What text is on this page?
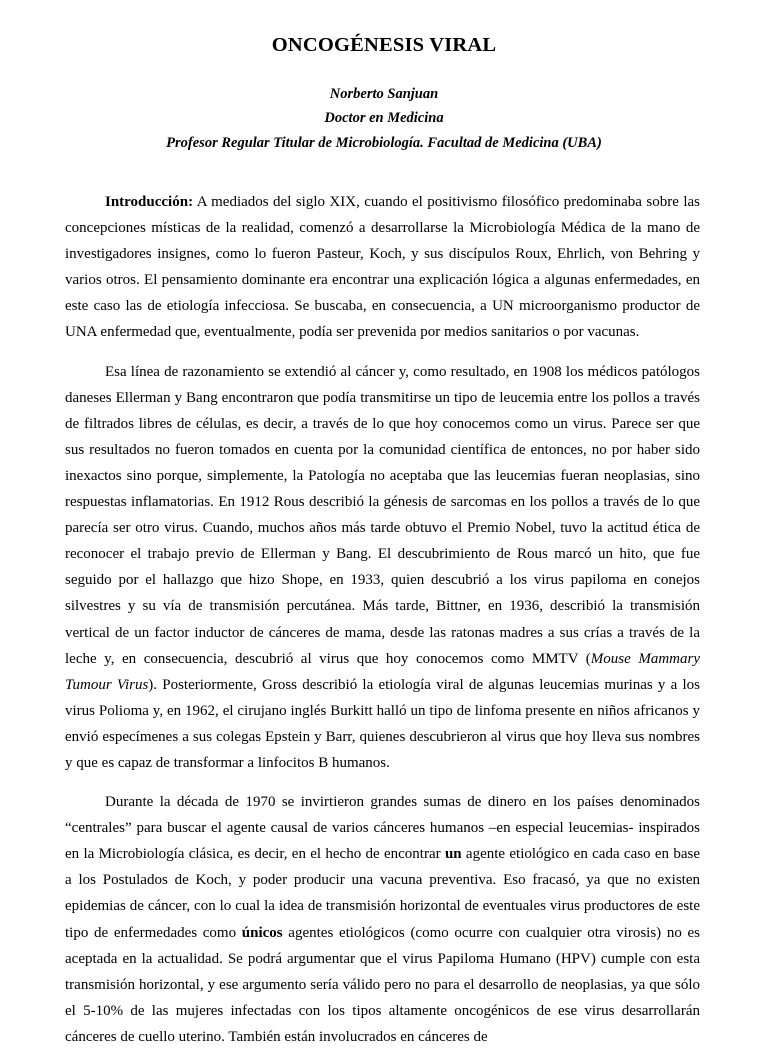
ONCOGÉNESIS VIRAL
Norberto Sanjuan
Doctor en Medicina
Profesor Regular Titular de Microbiología. Facultad de Medicina (UBA)

Introducción: A mediados del siglo XIX, cuando el positivismo filosófico predominaba sobre las concepciones místicas de la realidad, comenzó a desarrollarse la Microbiología Médica de la mano de investigadores insignes, como lo fueron Pasteur, Koch, y sus discípulos Roux, Ehrlich, von Behring y varios otros. El pensamiento dominante era encontrar una explicación lógica a algunas enfermedades, en este caso las de etiología infecciosa. Se buscaba, en consecuencia, a UN microorganismo productor de UNA enfermedad que, eventualmente, podía ser prevenida por medios sanitarios o por vacunas.

Esa línea de razonamiento se extendió al cáncer y, como resultado, en 1908 los médicos patólogos daneses Ellerman y Bang encontraron que podía transmitirse un tipo de leucemia entre los pollos a través de filtrados libres de células, es decir, a través de lo que hoy conocemos como un virus. Parece ser que sus resultados no fueron tomados en cuenta por la comunidad científica de entonces, no por haber sido inexactos sino porque, simplemente, la Patología no aceptaba que las leucemias fueran neoplasias, sino respuestas inflamatorias. En 1912 Rous describió la génesis de sarcomas en los pollos a través de lo que parecía ser otro virus. Cuando, muchos años más tarde obtuvo el Premio Nobel, tuvo la actitud ética de reconocer el trabajo previo de Ellerman y Bang. El descubrimiento de Rous marcó un hito, que fue seguido por el hallazgo que hizo Shope, en 1933, quien descubrió a los virus papiloma en conejos silvestres y su vía de transmisión percutánea. Más tarde, Bittner, en 1936, describió la transmisión vertical de un factor inductor de cánceres de mama, desde las ratonas madres a sus crías a través de la leche y, en consecuencia, descubrió al virus que hoy conocemos como MMTV (Mouse Mammary Tumour Virus). Posteriormente, Gross describió la etiología viral de algunas leucemias murinas y a los virus Polioma y, en 1962, el cirujano inglés Burkitt halló un tipo de linfoma presente en niños africanos y envió especímenes a sus colegas Epstein y Barr, quienes descubrieron al virus que hoy lleva sus nombres y que es capaz de transformar a linfocitos B humanos.

Durante la década de 1970 se invirtieron grandes sumas de dinero en los países denominados “centrales” para buscar el agente causal de varios cánceres humanos –en especial leucemias- inspirados en la Microbiología clásica, es decir, en el hecho de encontrar un agente etiológico en cada caso en base a los Postulados de Koch, y poder producir una vacuna preventiva. Eso fracasó, ya que no existen epidemias de cáncer, con lo cual la idea de transmisión horizontal de eventuales virus productores de este tipo de enfermedades como únicos agentes etiológicos (como ocurre con cualquier otra virosis) no es aceptada en la actualidad. Se podrá argumentar que el virus Papiloma Humano (HPV) cumple con esta transmisión horizontal, y ese argumento sería válido pero no para el desarrollo de neoplasias, ya que sólo el 5-10% de las mujeres infectadas con los tipos altamente oncogénicos de ese virus desarrollarán cánceres de cuello uterino. También están involucrados en cánceres de
